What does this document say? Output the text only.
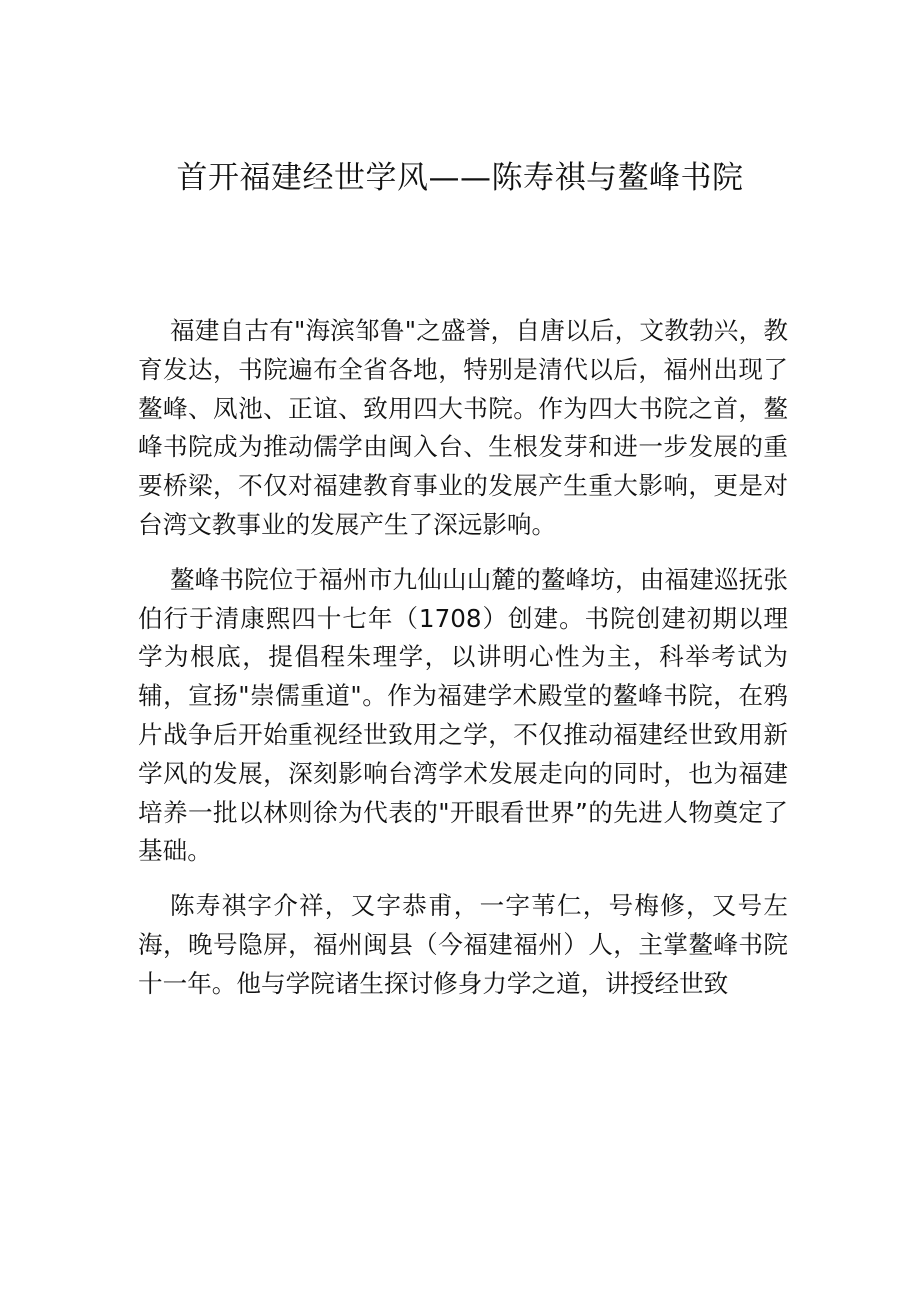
首开福建经世学风——陈寿祺与鳌峰书院

福建自古有"海滨邹鲁"之盛誉，自唐以后，文教勃兴，教育发达，书院遍布全省各地，特别是清代以后，福州出现了鳌峰、凤池、正谊、致用四大书院。作为四大书院之首，鳌峰书院成为推动儒学由闽入台、生根发芽和进一步发展的重要桥梁，不仅对福建教育事业的发展产生重大影响，更是对台湾文教事业的发展产生了深远影响。

鳌峰书院位于福州市九仙山山麓的鳌峰坊，由福建巡抚张伯行于清康熙四十七年（1708）创建。书院创建初期以理学为根底，提倡程朱理学，以讲明心性为主，科举考试为辅，宣扬"崇儒重道"。作为福建学术殿堂的鳌峰书院，在鸦片战争后开始重视经世致用之学，不仅推动福建经世致用新学风的发展，深刻影响台湾学术发展走向的同时，也为福建培养一批以林则徐为代表的"开眼看世界”的先进人物奠定了基础。

陈寿祺字介祥，又字恭甫，一字苇仁，号梅修，又号左海，晚号隐屏，福州闽县（今福建福州）人，主掌鳌峰书院十一年。他与学院诸生探讨修身力学之道，讲授经世致
